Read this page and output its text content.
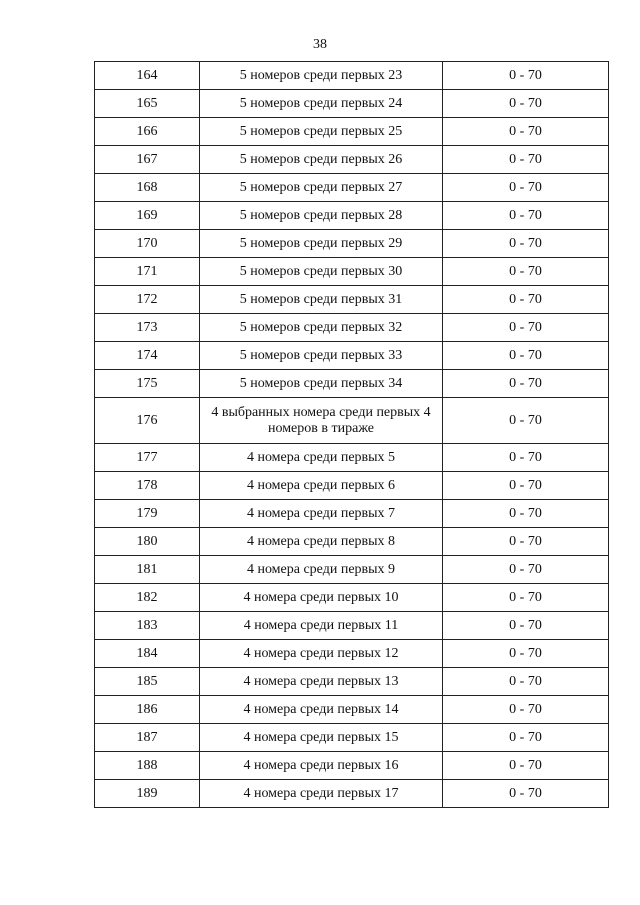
38
164	5 номеров среди первых 23	0 - 70
165	5 номеров среди первых 24	0 - 70
166	5 номеров среди первых 25	0 - 70
167	5 номеров среди первых 26	0 - 70
168	5 номеров среди первых 27	0 - 70
169	5 номеров среди первых 28	0 - 70
170	5 номеров среди первых 29	0 - 70
171	5 номеров среди первых 30	0 - 70
172	5 номеров среди первых 31	0 - 70
173	5 номеров среди первых 32	0 - 70
174	5 номеров среди первых 33	0 - 70
175	5 номеров среди первых 34	0 - 70
176	4 выбранных номера среди первых 4 номеров в тираже	0 - 70
177	4 номера среди первых 5	0 - 70
178	4 номера среди первых 6	0 - 70
179	4 номера среди первых 7	0 - 70
180	4 номера среди первых 8	0 - 70
181	4 номера среди первых 9	0 - 70
182	4 номера среди первых 10	0 - 70
183	4 номера среди первых 11	0 - 70
184	4 номера среди первых 12	0 - 70
185	4 номера среди первых 13	0 - 70
186	4 номера среди первых 14	0 - 70
187	4 номера среди первых 15	0 - 70
188	4 номера среди первых 16	0 - 70
189	4 номера среди первых 17	0 - 70
